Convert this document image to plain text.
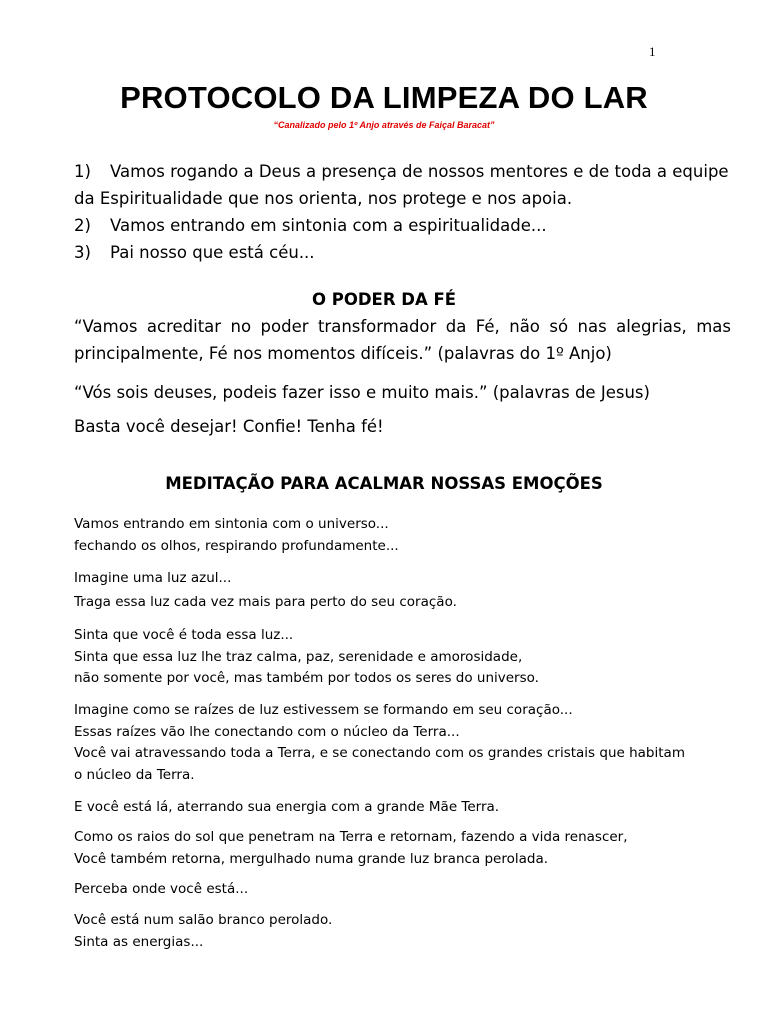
1
PROTOCOLO DA LIMPEZA DO LAR
“Canalizado pelo 1º Anjo através de Faiçal Baracat”
1)	Vamos rogando a Deus a presença de nossos mentores e de toda a equipe
da Espiritualidade que nos orienta, nos protege e nos apoia.
2)	Vamos entrando em sintonia com a espiritualidade...
3)	Pai nosso que está céu...
O PODER DA FÉ
“Vamos acreditar no poder transformador da Fé, não só nas alegrias, mas
principalmente, Fé nos momentos difíceis.” (palavras do 1º Anjo)
“Vós sois deuses, podeis fazer isso e muito mais.” (palavras de Jesus)
Basta você desejar! Confie! Tenha fé!
MEDITAÇÃO PARA ACALMAR NOSSAS EMOÇÕES
Vamos entrando em sintonia com o universo...
fechando os olhos, respirando profundamente...
Imagine uma luz azul...
Traga essa luz cada vez mais para perto do seu coração.
Sinta que você é toda essa luz...
Sinta que essa luz lhe traz calma, paz, serenidade e amorosidade,
não somente por você, mas também por todos os seres do universo.
Imagine como se raízes de luz estivessem se formando em seu coração...
Essas raízes vão lhe conectando com o núcleo da Terra...
Você vai atravessando toda a Terra, e se conectando com os grandes cristais que habitam
o núcleo da Terra.
E você está lá, aterrando sua energia com a grande Mãe Terra.
Como os raios do sol que penetram na Terra e retornam, fazendo a vida renascer,
Você também retorna, mergulhado numa grande luz branca perolada.
Perceba onde você está...
Você está num salão branco perolado.
Sinta as energias...
